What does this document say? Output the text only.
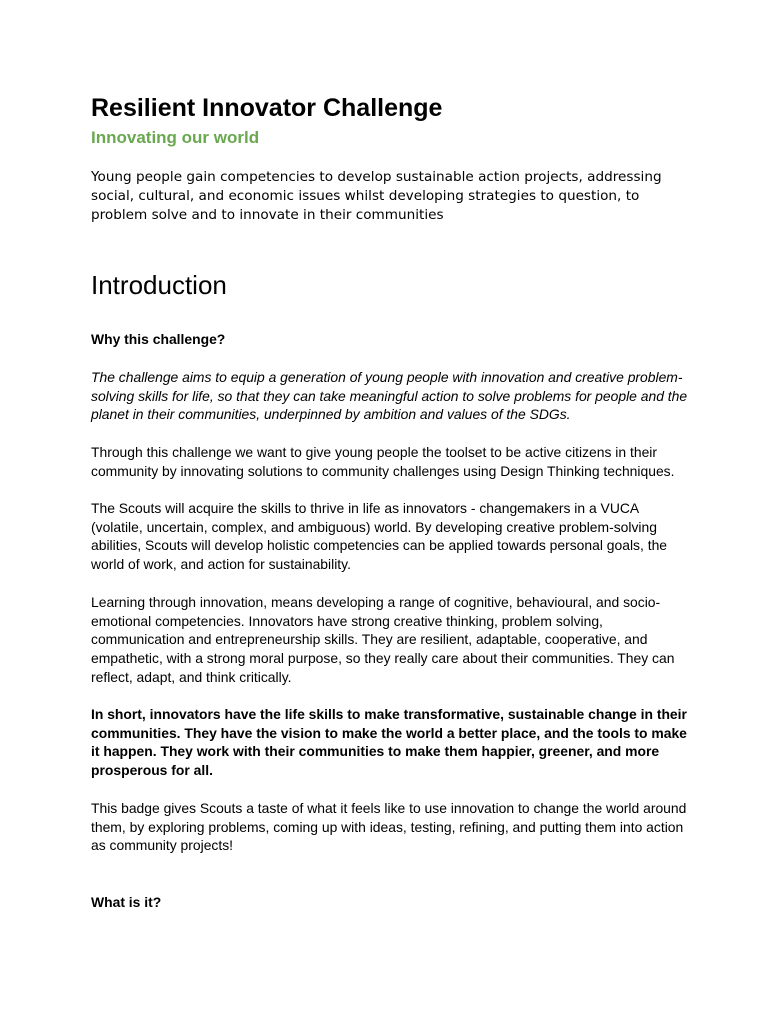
Resilient Innovator Challenge
Innovating our world

Young people gain competencies to develop sustainable action projects, addressing social, cultural, and economic issues whilst developing strategies to question, to problem solve and to innovate in their communities

Introduction

Why this challenge?

The challenge aims to equip a generation of young people with innovation and creative problem-solving skills for life, so that they can take meaningful action to solve problems for people and the planet in their communities, underpinned by ambition and values of the SDGs.

Through this challenge we want to give young people the toolset to be active citizens in their community by innovating solutions to community challenges using Design Thinking techniques.

The Scouts will acquire the skills to thrive in life as innovators - changemakers in a VUCA (volatile, uncertain, complex, and ambiguous) world. By developing creative problem-solving abilities, Scouts will develop holistic competencies can be applied towards personal goals, the world of work, and action for sustainability.

Learning through innovation, means developing a range of cognitive, behavioural, and socio-emotional competencies. Innovators have strong creative thinking, problem solving, communication and entrepreneurship skills. They are resilient, adaptable, cooperative, and empathetic, with a strong moral purpose, so they really care about their communities. They can reflect, adapt, and think critically.

In short, innovators have the life skills to make transformative, sustainable change in their communities. They have the vision to make the world a better place, and the tools to make it happen. They work with their communities to make them happier, greener, and more prosperous for all.

This badge gives Scouts a taste of what it feels like to use innovation to change the world around them, by exploring problems, coming up with ideas, testing, refining, and putting them into action as community projects!

What is it?
